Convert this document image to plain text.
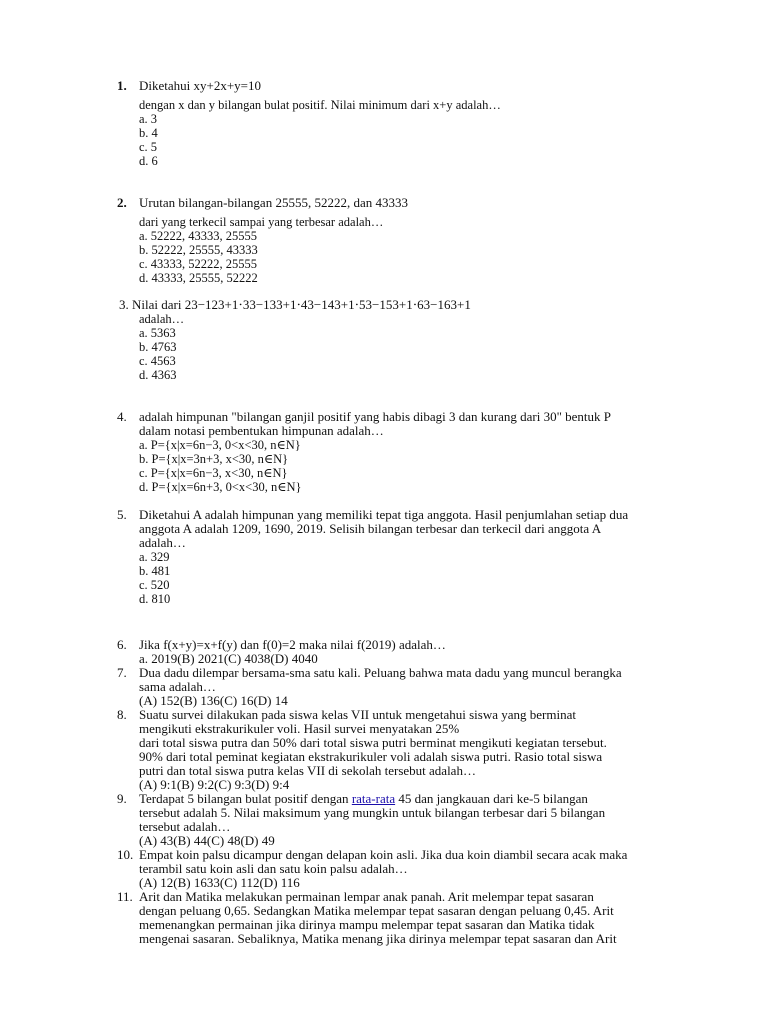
1. Diketahui xy+2x+y=10
dengan x dan y bilangan bulat positif. Nilai minimum dari x+y adalah…
a. 3
b. 4
c. 5
d. 6
2. Urutan bilangan-bilangan 25555, 52222, dan 43333
dari yang terkecil sampai yang terbesar adalah…
a. 52222, 43333, 25555
b. 52222, 25555, 43333
c. 43333, 52222, 25555
d. 43333, 25555, 52222
3. Nilai dari 23−123+1⋅33−133+1⋅43−143+1⋅53−153+1⋅63−163+1
adalah…
a. 5363
b. 4763
c. 4563
d. 4363
4. adalah himpunan "bilangan ganjil positif yang habis dibagi 3 dan kurang dari 30" bentuk P
dalam notasi pembentukan himpunan adalah…
a. P={x|x=6n−3, 0<x<30, n∈N}
b. P={x|x=3n+3, x<30, n∈N}
c. P={x|x=6n−3, x<30, n∈N}
d. P={x|x=6n+3, 0<x<30, n∈N}
5. Diketahui A adalah himpunan yang memiliki tepat tiga anggota. Hasil penjumlahan setiap dua
anggota A adalah 1209, 1690, 2019. Selisih bilangan terbesar dan terkecil dari anggota A
adalah…
a. 329
b. 481
c. 520
d. 810
6. Jika f(x+y)=x+f(y) dan f(0)=2 maka nilai f(2019) adalah…
a. 2019(B) 2021(C) 4038(D) 4040
7. Dua dadu dilempar bersama-sma satu kali. Peluang bahwa mata dadu yang muncul berangka
sama adalah…
(A) 152(B) 136(C) 16(D) 14
8. Suatu survei dilakukan pada siswa kelas VII untuk mengetahui siswa yang berminat
mengikuti ekstrakurikuler voli. Hasil survei menyatakan 25%
dari total siswa putra dan 50% dari total siswa putri berminat mengikuti kegiatan tersebut.
90% dari total peminat kegiatan ekstrakurikuler voli adalah siswa putri. Rasio total siswa
putri dan total siswa putra kelas VII di sekolah tersebut adalah…
(A) 9:1(B) 9:2(C) 9:3(D) 9:4
9. Terdapat 5 bilangan bulat positif dengan rata-rata 45 dan jangkauan dari ke-5 bilangan
tersebut adalah 5. Nilai maksimum yang mungkin untuk bilangan terbesar dari 5 bilangan
tersebut adalah…
(A) 43(B) 44(C) 48(D) 49
10. Empat koin palsu dicampur dengan delapan koin asli. Jika dua koin diambil secara acak maka
terambil satu koin asli dan satu koin palsu adalah…
(A) 12(B) 1633(C) 112(D) 116
11. Arit dan Matika melakukan permainan lempar anak panah. Arit melempar tepat sasaran
dengan peluang 0,65. Sedangkan Matika melempar tepat sasaran dengan peluang 0,45. Arit
memenangkan permainan jika dirinya mampu melempar tepat sasaran dan Matika tidak
mengenai sasaran. Sebaliknya, Matika menang jika dirinya melempar tepat sasaran dan Arit
